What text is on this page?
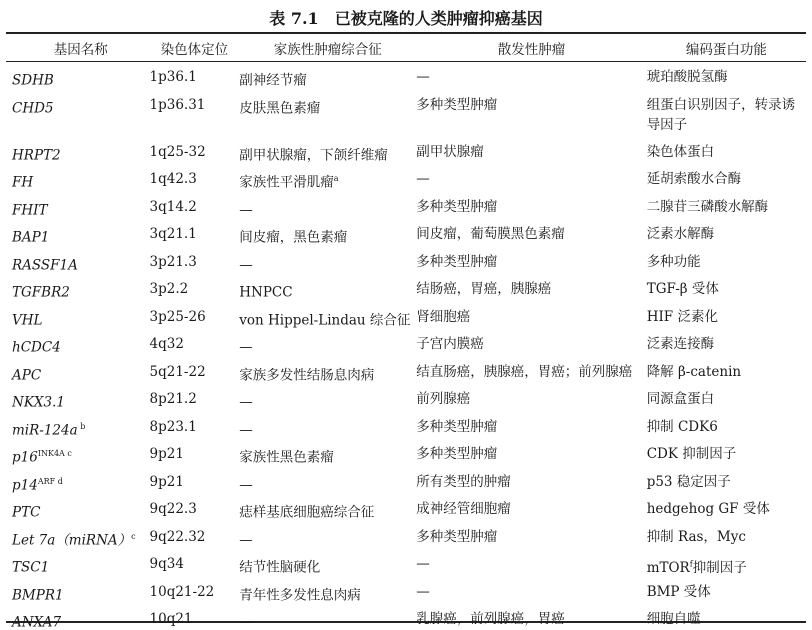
表 7.1　已被克隆的人类肿瘤抑癌基因
基因名称	染色体定位	家族性肿瘤综合征	散发性肿瘤	编码蛋白功能
SDHB	1p36.1	副神经节瘤	—	琥珀酸脱氢酶
CHD5	1p36.31	皮肤黑色素瘤	多种类型肿瘤	组蛋白识别因子，转录诱导因子
HRPT2	1q25-32	副甲状腺瘤，下颌纤维瘤	副甲状腺瘤	染色体蛋白
FH	1q42.3	家族性平滑肌瘤$^a$	—	延胡索酸水合酶
FHIT	3q14.2	—	多种类型肿瘤	二腺苷三磷酸水解酶
BAP1	3q21.1	间皮瘤，黑色素瘤	间皮瘤，葡萄膜黑色素瘤	泛素水解酶
RASSF1A	3p21.3	—	多种类型肿瘤	多种功能
TGFBR2	3p2.2	HNPCC	结肠癌，胃癌，胰腺癌	TGF-β 受体
VHL	3p25-26	von Hippel-Lindau 综合征	肾细胞癌	HIF 泛素化
hCDC4	4q32	—	子宫内膜癌	泛素连接酶
APC	5q21-22	家族多发性结肠息肉病	结直肠癌，胰腺癌，胃癌；前列腺癌	降解 β-catenin
NKX3.1	8p21.2	—	前列腺癌	同源盒蛋白
miR-124a $^b$	8p23.1	—	多种类型肿瘤	抑制 CDK6
$p16^{INK4A c}$	9p21	家族性黑色素瘤	多种类型肿瘤	CDK 抑制因子
$p14^{ARF d}$	9p21	—	所有类型的肿瘤	p53 稳定因子
PTC	9q22.3	痣样基底细胞癌综合征	成神经管细胞瘤	hedgehog GF 受体
Let 7a（miRNA）$^c$	9q22.32	—	多种类型肿瘤	抑制 Ras，Myc
TSC1	9q34	结节性脑硬化	—	mTOR$^f$抑制因子
BMPR1	10q21-22	青年性多发性息肉病	—	BMP 受体
ANXA7	10q21	—	乳腺癌，前列腺癌，胃癌	细胞自噬
